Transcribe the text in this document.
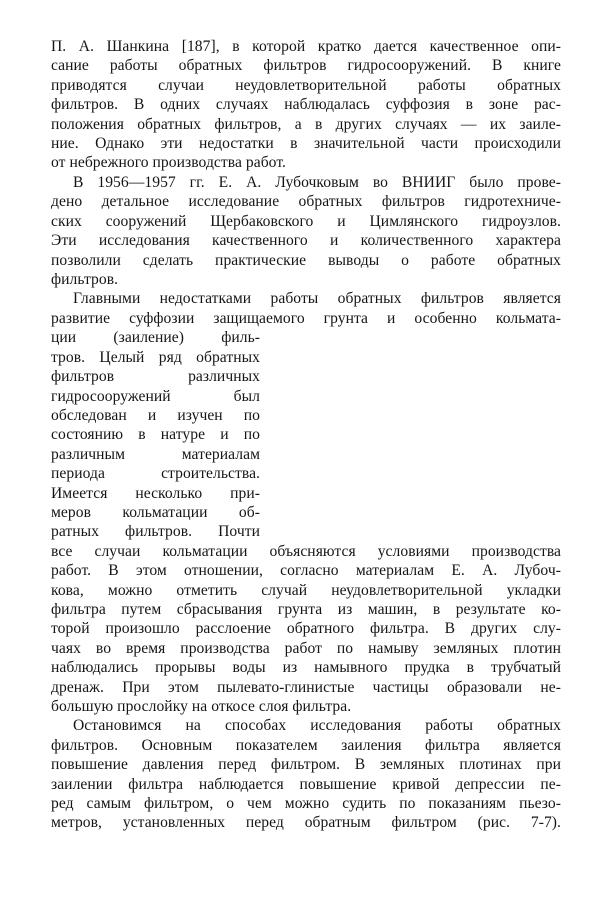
П. А. Шанкина [187], в которой кратко дается качественное опи-
сание работы обратных фильтров гидросооружений. В книге
приводятся случаи неудовлетворительной работы обратных
фильтров. В одних случаях наблюдалась суффозия в зоне рас-
положения обратных фильтров, а в других случаях — их заиле-
ние. Однако эти недостатки в значительной части происходили
от небрежного производства работ.
В 1956—1957 гг. Е. А. Лубочковым во ВНИИГ было прове-
дено детальное исследование обратных фильтров гидротехниче-
ских сооружений Щербаковского и Цимлянского гидроузлов.
Эти исследования качественного и количественного характера
позволили сделать практические выводы о работе обратных
фильтров.
Главными недостатками работы обратных фильтров является
развитие суффозии защищаемого грунта и особенно кольмата-
ции (заиление) филь-
тров. Целый ряд обратных
фильтров различных
гидросооружений был
обследован и изучен по
состоянию в натуре и по
различным материалам
периода строительства.
Имеется несколько при-
меров кольматации об-
ратных фильтров. Почти
все случаи кольматации объясняются условиями производства
работ. В этом отношении, согласно материалам Е. А. Лубоч-
кова, можно отметить случай неудовлетворительной укладки
фильтра путем сбрасывания грунта из машин, в результате ко-
торой произошло расслоение обратного фильтра. В других слу-
чаях во время производства работ по намыву земляных плотин
наблюдались прорывы воды из намывного прудка в трубчатый
дренаж. При этом пылевато-глинистые частицы образовали не-
большую прослойку на откосе слоя фильтра.
Остановимся на способах исследования работы обратных
фильтров. Основным показателем заиления фильтра является
повышение давления перед фильтром. В земляных плотинах при
заилении фильтра наблюдается повышение кривой депрессии пе-
ред самым фильтром, о чем можно судить по показаниям пьезо-
метров, установленных перед обратным фильтром (рис. 7-7).
